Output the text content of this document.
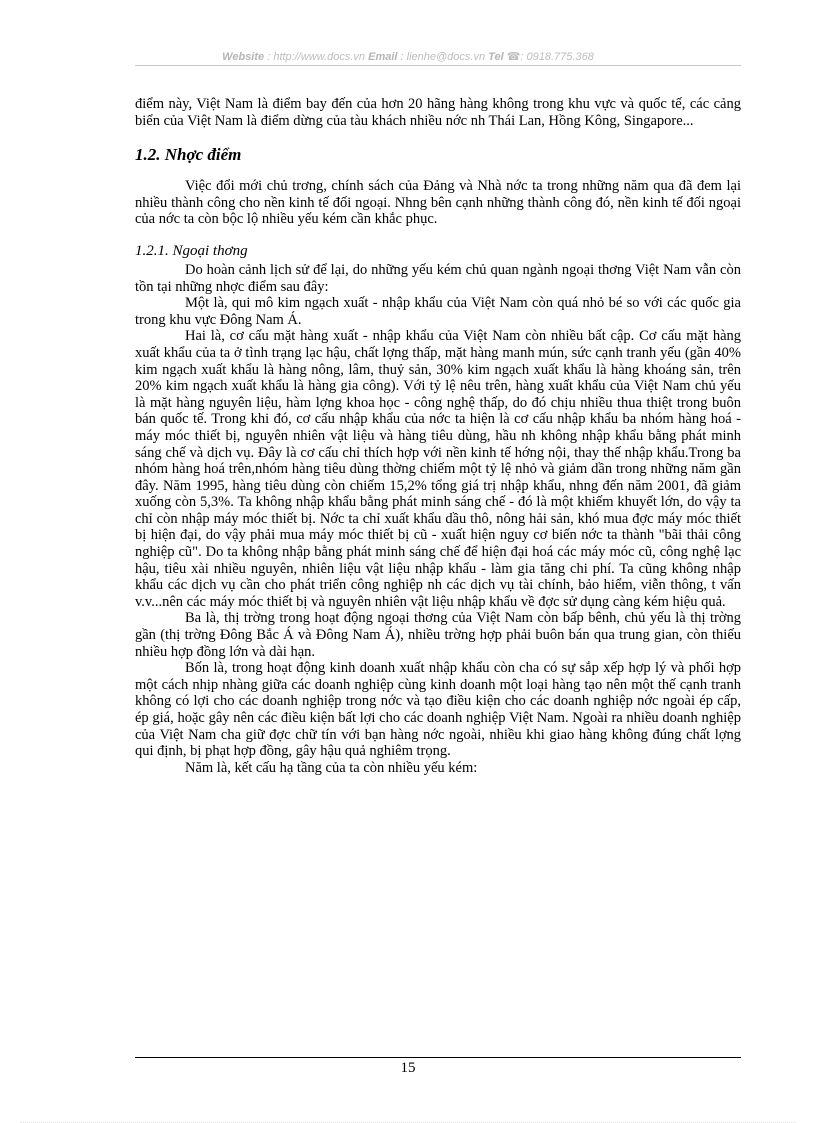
Website : http://www.docs.vn Email : lienhe@docs.vn Tel ☎: 0918.775.368

điểm này, Việt Nam là điểm bay đến của hơn 20 hãng hàng không trong khu vực và quốc tế, các cảng biển của Việt Nam là điểm dừng của tàu khách nhiều nớc nh Thái Lan, Hồng Kông, Singapore...

1.2. Nhợc điểm

Việc đổi mới chủ trơng, chính sách của Đảng và Nhà nớc ta trong những năm qua đã đem lại nhiều thành công cho nền kinh tế đối ngoại. Nhng bên cạnh những thành công đó, nền kinh tế đối ngoại của nớc ta còn bộc lộ nhiều yếu kém cần khắc phục.

1.2.1. Ngoại thơng

Do hoàn cảnh lịch sử để lại, do những yếu kém chủ quan ngành ngoại thơng Việt Nam vẫn còn tồn tại những nhợc điểm sau đây:

Một là, qui mô kim ngạch xuất - nhập khẩu của Việt Nam còn quá nhỏ bé so với các quốc gia trong khu vực Đông Nam Á.

Hai là, cơ cấu mặt hàng xuất - nhập khẩu của Việt Nam còn nhiều bất cập. Cơ cấu mặt hàng xuất khẩu của ta ở tình trạng lạc hậu, chất lợng thấp, mặt hàng manh mún, sức cạnh tranh yếu (gần 40% kim ngạch xuất khẩu là hàng nông, lâm, thuỷ sản, 30% kim ngạch xuất khẩu là hàng khoáng sản, trên 20% kim ngạch xuất khẩu là hàng gia công). Với tỷ lệ nêu trên, hàng xuất khẩu của Việt Nam chủ yếu là mặt hàng nguyên liệu, hàm lợng khoa học - công nghệ thấp, do đó chịu nhiều thua thiệt trong buôn bán quốc tế. Trong khi đó, cơ cấu nhập khẩu của nớc ta hiện là cơ cấu nhập khẩu ba nhóm hàng hoá - máy móc thiết bị, nguyên nhiên vật liệu và hàng tiêu dùng, hầu nh không nhập khẩu bằng phát minh sáng chế và dịch vụ. Đây là cơ cấu chỉ thích hợp với nền kinh tế hớng nội, thay thế nhập khẩu.Trong ba nhóm hàng hoá trên,nhóm hàng tiêu dùng thờng chiếm một tỷ lệ nhỏ và giảm dần trong những năm gần đây. Năm 1995, hàng tiêu dùng còn chiếm 15,2% tổng giá trị nhập khẩu, nhng đến năm 2001, đã giảm xuống còn 5,3%. Ta không nhập khẩu bằng phát minh sáng chế - đó là một khiếm khuyết lớn, do vậy ta chỉ còn nhập máy móc thiết bị. Nớc ta chỉ xuất khẩu dầu thô, nông hải sản, khó mua đợc máy móc thiết bị hiện đại, do vậy phải mua máy móc thiết bị cũ - xuất hiện nguy cơ biến nớc ta thành "bãi thải công nghiệp cũ". Do ta không nhập bằng phát minh sáng chế để hiện đại hoá các máy móc cũ, công nghệ lạc hậu, tiêu xài nhiều nguyên, nhiên liệu vật liệu nhập khẩu - làm gia tăng chi phí. Ta cũng không nhập khẩu các dịch vụ cần cho phát triển công nghiệp nh các dịch vụ tài chính, bảo hiểm, viễn thông, t vấn v.v...nên các máy móc thiết bị và nguyên nhiên vật liệu nhập khẩu về đợc sử dụng càng kém hiệu quả.

Ba là, thị trờng trong hoạt động ngoại thơng của Việt Nam còn bấp bênh, chủ yếu là thị trờng gần (thị trờng Đông Bắc Á và Đông Nam Á), nhiều trờng hợp phải buôn bán qua trung gian, còn thiếu nhiều hợp đồng lớn và dài hạn.

Bốn là, trong hoạt động kinh doanh xuất nhập khẩu còn cha có sự sắp xếp hợp lý và phối hợp một cách nhịp nhàng giữa các doanh nghiệp cùng kinh doanh một loại hàng tạo nên một thế cạnh tranh không có lợi cho các doanh nghiệp trong nớc và tạo điều kiện cho các doanh nghiệp nớc ngoài ép cấp, ép giá, hoặc gây nên các điều kiện bất lợi cho các doanh nghiệp Việt Nam. Ngoài ra nhiều doanh nghiệp của Việt Nam cha giữ đợc chữ tín với bạn hàng nớc ngoài, nhiều khi giao hàng không đúng chất lợng qui định, bị phạt hợp đồng, gây hậu quả nghiêm trọng.

Năm là, kết cấu hạ tầng của ta còn nhiều yếu kém:

15
